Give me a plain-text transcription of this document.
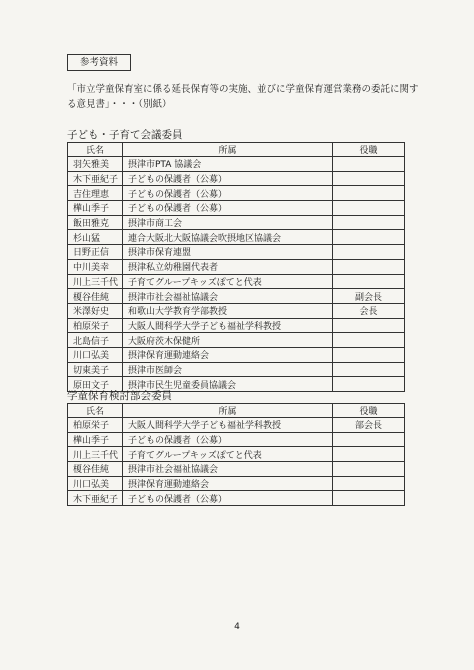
参考資料
「市立学童保育室に係る延長保育等の実施、並びに学童保育運営業務の委託に関する意見書」・・・（別紙）
子ども・子育て会議委員
氏名	所属	役職
羽矢雅美	摂津市PTA 協議会	
木下亜紀子	子どもの保護者（公募）	
吉住理恵	子どもの保護者（公募）	
樺山季子	子どもの保護者（公募）	
飯田雅克	摂津市商工会	
杉山猛	連合大阪北大阪協議会吹摂地区協議会	
日野正信	摂津市保育連盟	
中川美幸	摂津私立幼稚園代表者	
川上三千代	子育てグループキッズぽてと代表	
榎谷佳純	摂津市社会福祉協議会	副会長
米澤好史	和歌山大学教育学部教授	会長
柏原栄子	大阪人間科学大学子ども福祉学科教授	
北島信子	大阪府茨木保健所	
川口弘美	摂津保育運動連絡会	
切東美子	摂津市医師会	
原田文子	摂津市民生児童委員協議会	
学童保育検討部会委員
氏名	所属	役職
柏原栄子	大阪人間科学大学子ども福祉学科教授	部会長
樺山季子	子どもの保護者（公募）	
川上三千代	子育てグループキッズぽてと代表	
榎谷佳純	摂津市社会福祉協議会	
川口弘美	摂津保育運動連絡会	
木下亜紀子	子どもの保護者（公募）	
4
